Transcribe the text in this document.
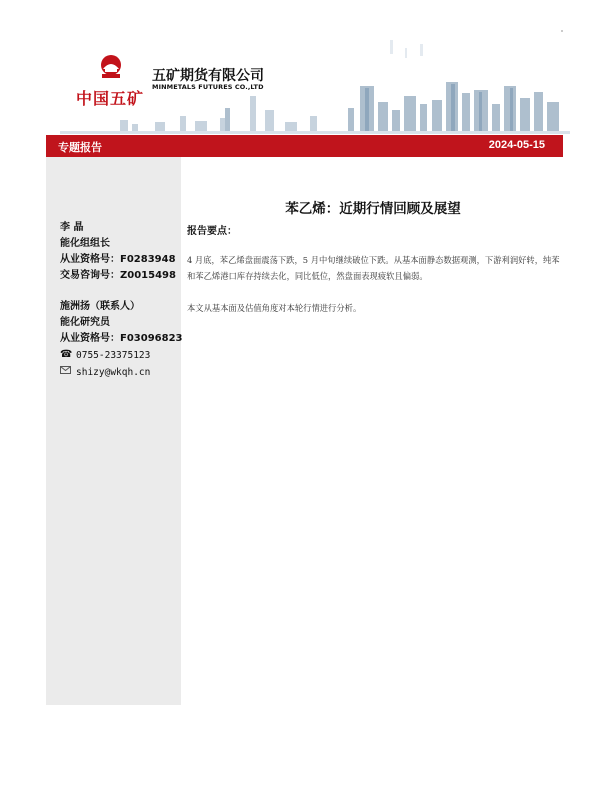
中国五矿
五矿期货有限公司
MINMETALS FUTURES CO.,LTD
专题报告	2024-05-15
李 晶
能化组组长
从业资格号：F0283948
交易咨询号：Z0015498
施洲扬（联系人）
能化研究员
从业资格号：F03096823
☎ 0755-23375123
shizy@wkqh.cn
苯乙烯：近期行情回顾及展望
报告要点：
4 月底，苯乙烯盘面震荡下跌，5 月中旬继续破位下跌。从基本面静态数据观测，下游利润好转，纯苯和苯乙烯港口库存持续去化，同比低位，然盘面表现疲软且偏弱。
本文从基本面及估值角度对本轮行情进行分析。
